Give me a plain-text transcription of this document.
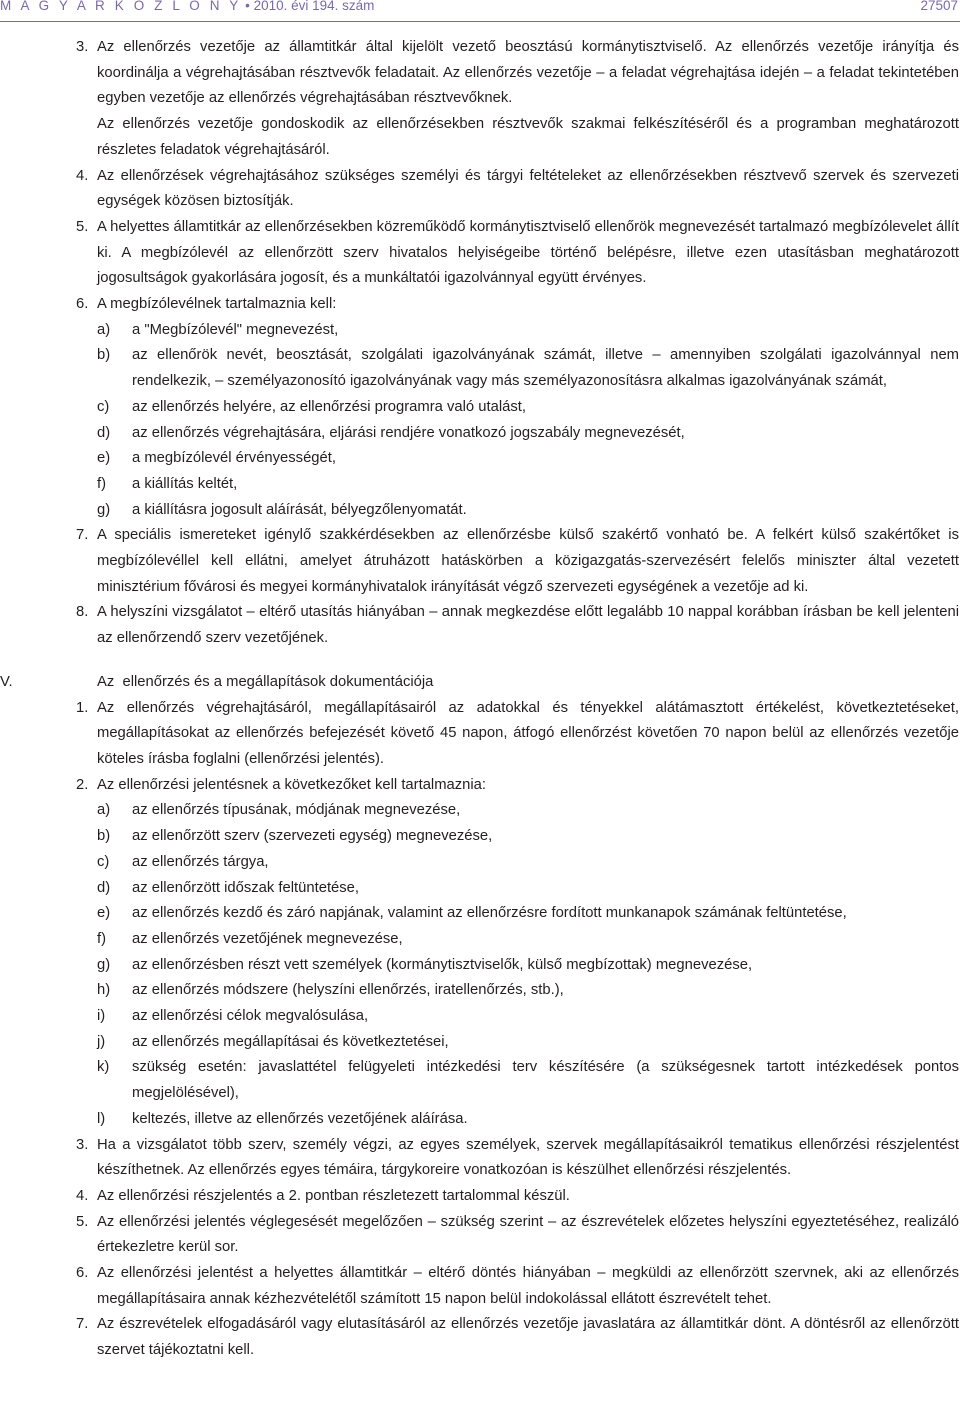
M A G Y A R K Ö Z L Ö N Y • 2010. évi 194. szám	27507
3. Az ellenőrzés vezetője az államtitkár által kijelölt vezető beosztású kormánytisztviselő. Az ellenőrzés vezetője irányítja és koordinálja a végrehajtásában résztvevők feladatait. Az ellenőrzés vezetője – a feladat végrehajtása idején – a feladat tekintetében egyben vezetője az ellenőrzés végrehajtásában résztvevőknek.
Az ellenőrzés vezetője gondoskodik az ellenőrzésekben résztvevők szakmai felkészítéséről és a programban meghatározott részletes feladatok végrehajtásáról.
4. Az ellenőrzések végrehajtásához szükséges személyi és tárgyi feltételeket az ellenőrzésekben résztvevő szervek és szervezeti egységek közösen biztosítják.
5. A helyettes államtitkár az ellenőrzésekben közreműködő kormánytisztviselő ellenőrök megnevezését tartalmazó megbízólevelet állít ki. A megbízólevél az ellenőrzött szerv hivatalos helyiségeibe történő belépésre, illetve ezen utasításban meghatározott jogosultságok gyakorlására jogosít, és a munkáltatói igazolvánnyal együtt érvényes.
6. A megbízólevélnek tartalmaznia kell:
a) a "Megbízólevél" megnevezést,
b) az ellenőrök nevét, beosztását, szolgálati igazolványának számát, illetve – amennyiben szolgálati igazolvánnyal nem rendelkezik, – személyazonosító igazolványának vagy más személyazonosításra alkalmas igazolványának számát,
c) az ellenőrzés helyére, az ellenőrzési programra való utalást,
d) az ellenőrzés végrehajtására, eljárási rendjére vonatkozó jogszabály megnevezését,
e) a megbízólevél érvényességét,
f) a kiállítás keltét,
g) a kiállításra jogosult aláírását, bélyegzőlenyomatát.
7. A speciális ismereteket igénylő szakkérdésekben az ellenőrzésbe külső szakértő vonható be. A felkért külső szakértőket is megbízólevéllel kell ellátni, amelyet átruházott hatáskörben a közigazgatás-szervezésért felelős miniszter által vezetett minisztérium fővárosi és megyei kormányhivatalok irányítását végző szervezeti egységének a vezetője ad ki.
8. A helyszíni vizsgálatot – eltérő utasítás hiányában – annak megkezdése előtt legalább 10 nappal korábban írásban be kell jelenteni az ellenőrzendő szerv vezetőjének.
V.	Az  ellenőrzés és a megállapítások dokumentációja
1. Az ellenőrzés végrehajtásáról, megállapításairól az adatokkal és tényekkel alátámasztott értékelést, következtetéseket, megállapításokat az ellenőrzés befejezését követő 45 napon, átfogó ellenőrzést követően 70 napon belül az ellenőrzés vezetője köteles írásba foglalni (ellenőrzési jelentés).
2. Az ellenőrzési jelentésnek a következőket kell tartalmaznia:
a) az ellenőrzés típusának, módjának megnevezése,
b) az ellenőrzött szerv (szervezeti egység) megnevezése,
c) az ellenőrzés tárgya,
d) az ellenőrzött időszak feltüntetése,
e) az ellenőrzés kezdő és záró napjának, valamint az ellenőrzésre fordított munkanapok számának feltüntetése,
f) az ellenőrzés vezetőjének megnevezése,
g) az ellenőrzésben részt vett személyek (kormánytisztviselők, külső megbízottak) megnevezése,
h) az ellenőrzés módszere (helyszíni ellenőrzés, iratellenőrzés, stb.),
i) az ellenőrzési célok megvalósulása,
j) az ellenőrzés megállapításai és következtetései,
k) szükség esetén: javaslattétel felügyeleti intézkedési terv készítésére (a szükségesnek tartott intézkedések pontos megjelölésével),
l) keltezés, illetve az ellenőrzés vezetőjének aláírása.
3. Ha a vizsgálatot több szerv, személy végzi, az egyes személyek, szervek megállapításaikról tematikus ellenőrzési részjelentést készíthetnek. Az ellenőrzés egyes témáira, tárgykoreire vonatkozóan is készülhet ellenőrzési részjelentés.
4. Az ellenőrzési részjelentés a 2. pontban részletezett tartalommal készül.
5. Az ellenőrzési jelentés véglegesését megelőzően – szükség szerint – az észrevételek előzetes helyszíni egyeztetéséhez, realizáló értekezletre kerül sor.
6. Az ellenőrzési jelentést a helyettes államtitkár – eltérő döntés hiányában – megküldi az ellenőrzött szervnek, aki az ellenőrzés megállapításaira annak kézhezvételétől számított 15 napon belül indokolással ellátott észrevételt tehet.
7. Az észrevételek elfogadásáról vagy elutasításáról az ellenőrzés vezetője javaslatára az államtitkár dönt. A döntésről az ellenőrzött szervet tájékoztatni kell.
